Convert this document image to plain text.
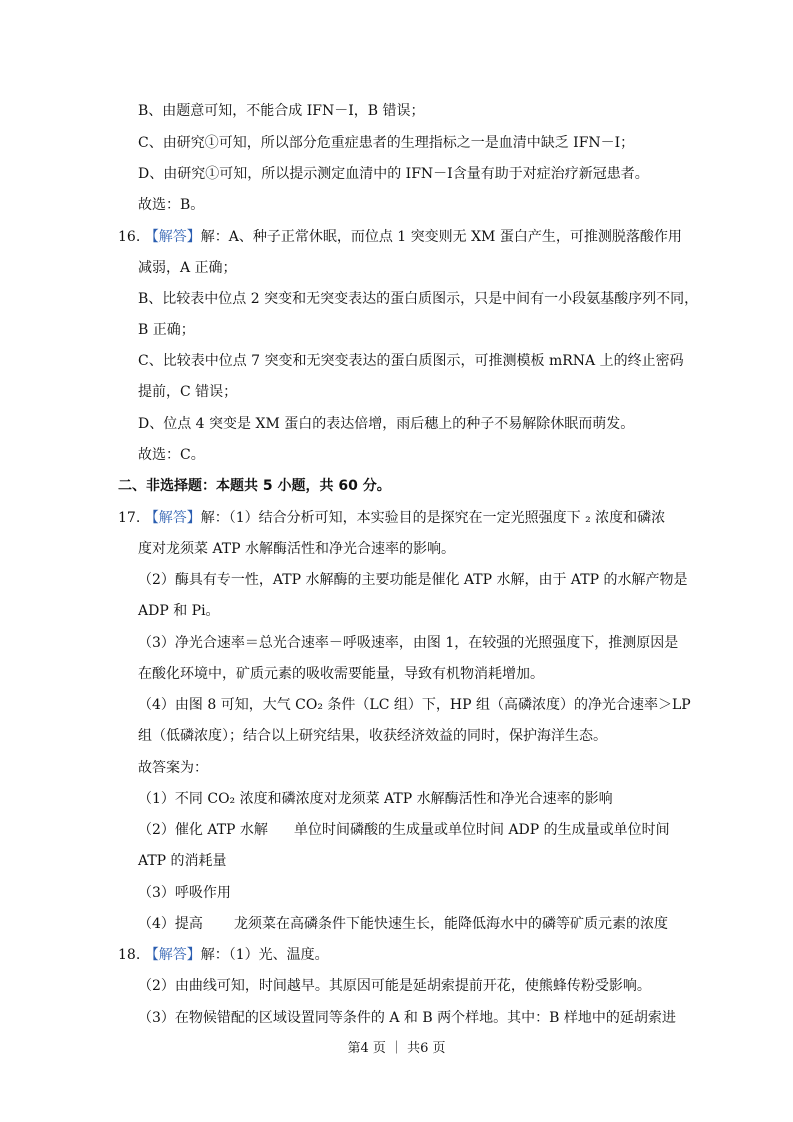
B、由题意可知，不能合成 IFN－Ⅰ，B 错误；
C、由研究①可知，所以部分危重症患者的生理指标之一是血清中缺乏 IFN－Ⅰ；
D、由研究①可知，所以提示测定血清中的 IFN－Ⅰ含量有助于对症治疗新冠患者。
故选：B。
16. 【解答】解：A、种子正常休眠，而位点 1 突变则无 XM 蛋白产生，可推测脱落酸作用
减弱，A 正确；
B、比较表中位点 2 突变和无突变表达的蛋白质图示，只是中间有一小段氨基酸序列不同，
B 正确；
C、比较表中位点 7 突变和无突变表达的蛋白质图示，可推测模板 mRNA 上的终止密码
提前，C 错误；
D、位点 4 突变是 XM 蛋白的表达倍增，雨后穗上的种子不易解除休眠而萌发。
故选：C。
二、非选择题：本题共 5 小题，共 60 分。
17. 【解答】解：（1）结合分析可知，本实验目的是探究在一定光照强度下 ₂ 浓度和磷浓
度对龙须菜 ATP 水解酶活性和净光合速率的影响。
（2）酶具有专一性，ATP 水解酶的主要功能是催化 ATP 水解，由于 ATP 的水解产物是
ADP 和 Pi。
（3）净光合速率＝总光合速率－呼吸速率，由图 1，在较强的光照强度下，推测原因是
在酸化环境中，矿质元素的吸收需要能量，导致有机物消耗增加。
（4）由图 8 可知，大气 CO₂ 条件（LC 组）下，HP 组（高磷浓度）的净光合速率＞LP
组（低磷浓度）；结合以上研究结果，收获经济效益的同时，保护海洋生态。
故答案为：
（1）不同 CO₂ 浓度和磷浓度对龙须菜 ATP 水解酶活性和净光合速率的影响
（2）催化 ATP 水解 单位时间磷酸的生成量或单位时间 ADP 的生成量或单位时间
ATP 的消耗量
（3）呼吸作用
（4）提高 龙须菜在高磷条件下能快速生长，能降低海水中的磷等矿质元素的浓度
18. 【解答】解：（1）光、温度。
（2）由曲线可知，时间越早。其原因可能是延胡索提前开花，使熊蜂传粉受影响。
（3）在物候错配的区域设置同等条件的 A 和 B 两个样地。其中：B 样地中的延胡索进
第4 页 ｜ 共6 页
